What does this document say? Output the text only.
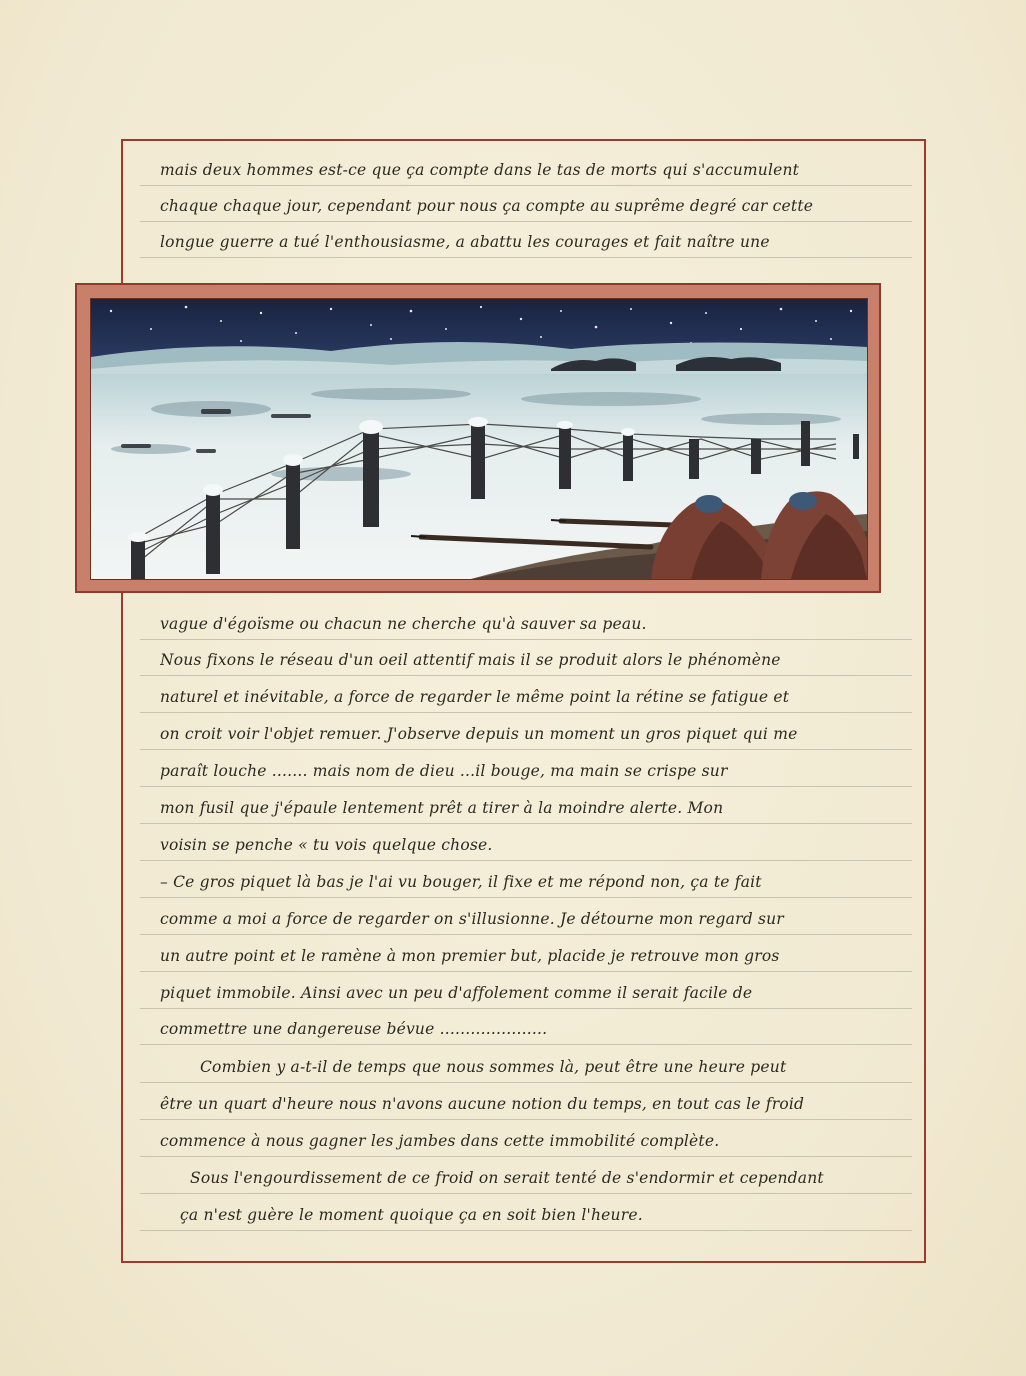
mais deux hommes est-ce que ça compte dans le tas de morts qui s'accumulent
chaque chaque jour, cependant pour nous ça compte au suprême degré car cette
longue guerre a tué l'enthousiasme, a abattu les courages et fait naître une
vague d'égoïsme ou chacun ne cherche qu'à sauver sa peau.
Nous fixons le réseau d'un oeil attentif mais il se produit alors le phénomène
naturel et inévitable, a force de regarder le même point la rétine se fatigue et
on croit voir l'objet remuer. J'observe depuis un moment un gros piquet qui me
paraît louche ....... mais nom de dieu ...il bouge, ma main se crispe sur
mon fusil que j'épaule lentement prêt a tirer à la moindre alerte. Mon
voisin se penche « tu vois quelque chose.
– Ce gros piquet là bas je l'ai vu bouger, il fixe et me répond non, ça te fait
comme a moi a force de regarder on s'illusionne. Je détourne mon regard sur
un autre point et le ramène à mon premier but, placide je retrouve mon gros
piquet immobile. Ainsi avec un peu d'affolement comme il serait facile de
commettre une dangereuse bévue .....................
Combien y a-t-il de temps que nous sommes là, peut être une heure peut
être un quart d'heure nous n'avons aucune notion du temps, en tout cas le froid
commence à nous gagner les jambes dans cette immobilité complète.
Sous l'engourdissement de ce froid on serait tenté de s'endormir et cependant
ça n'est guère le moment quoique ça en soit bien l'heure.
